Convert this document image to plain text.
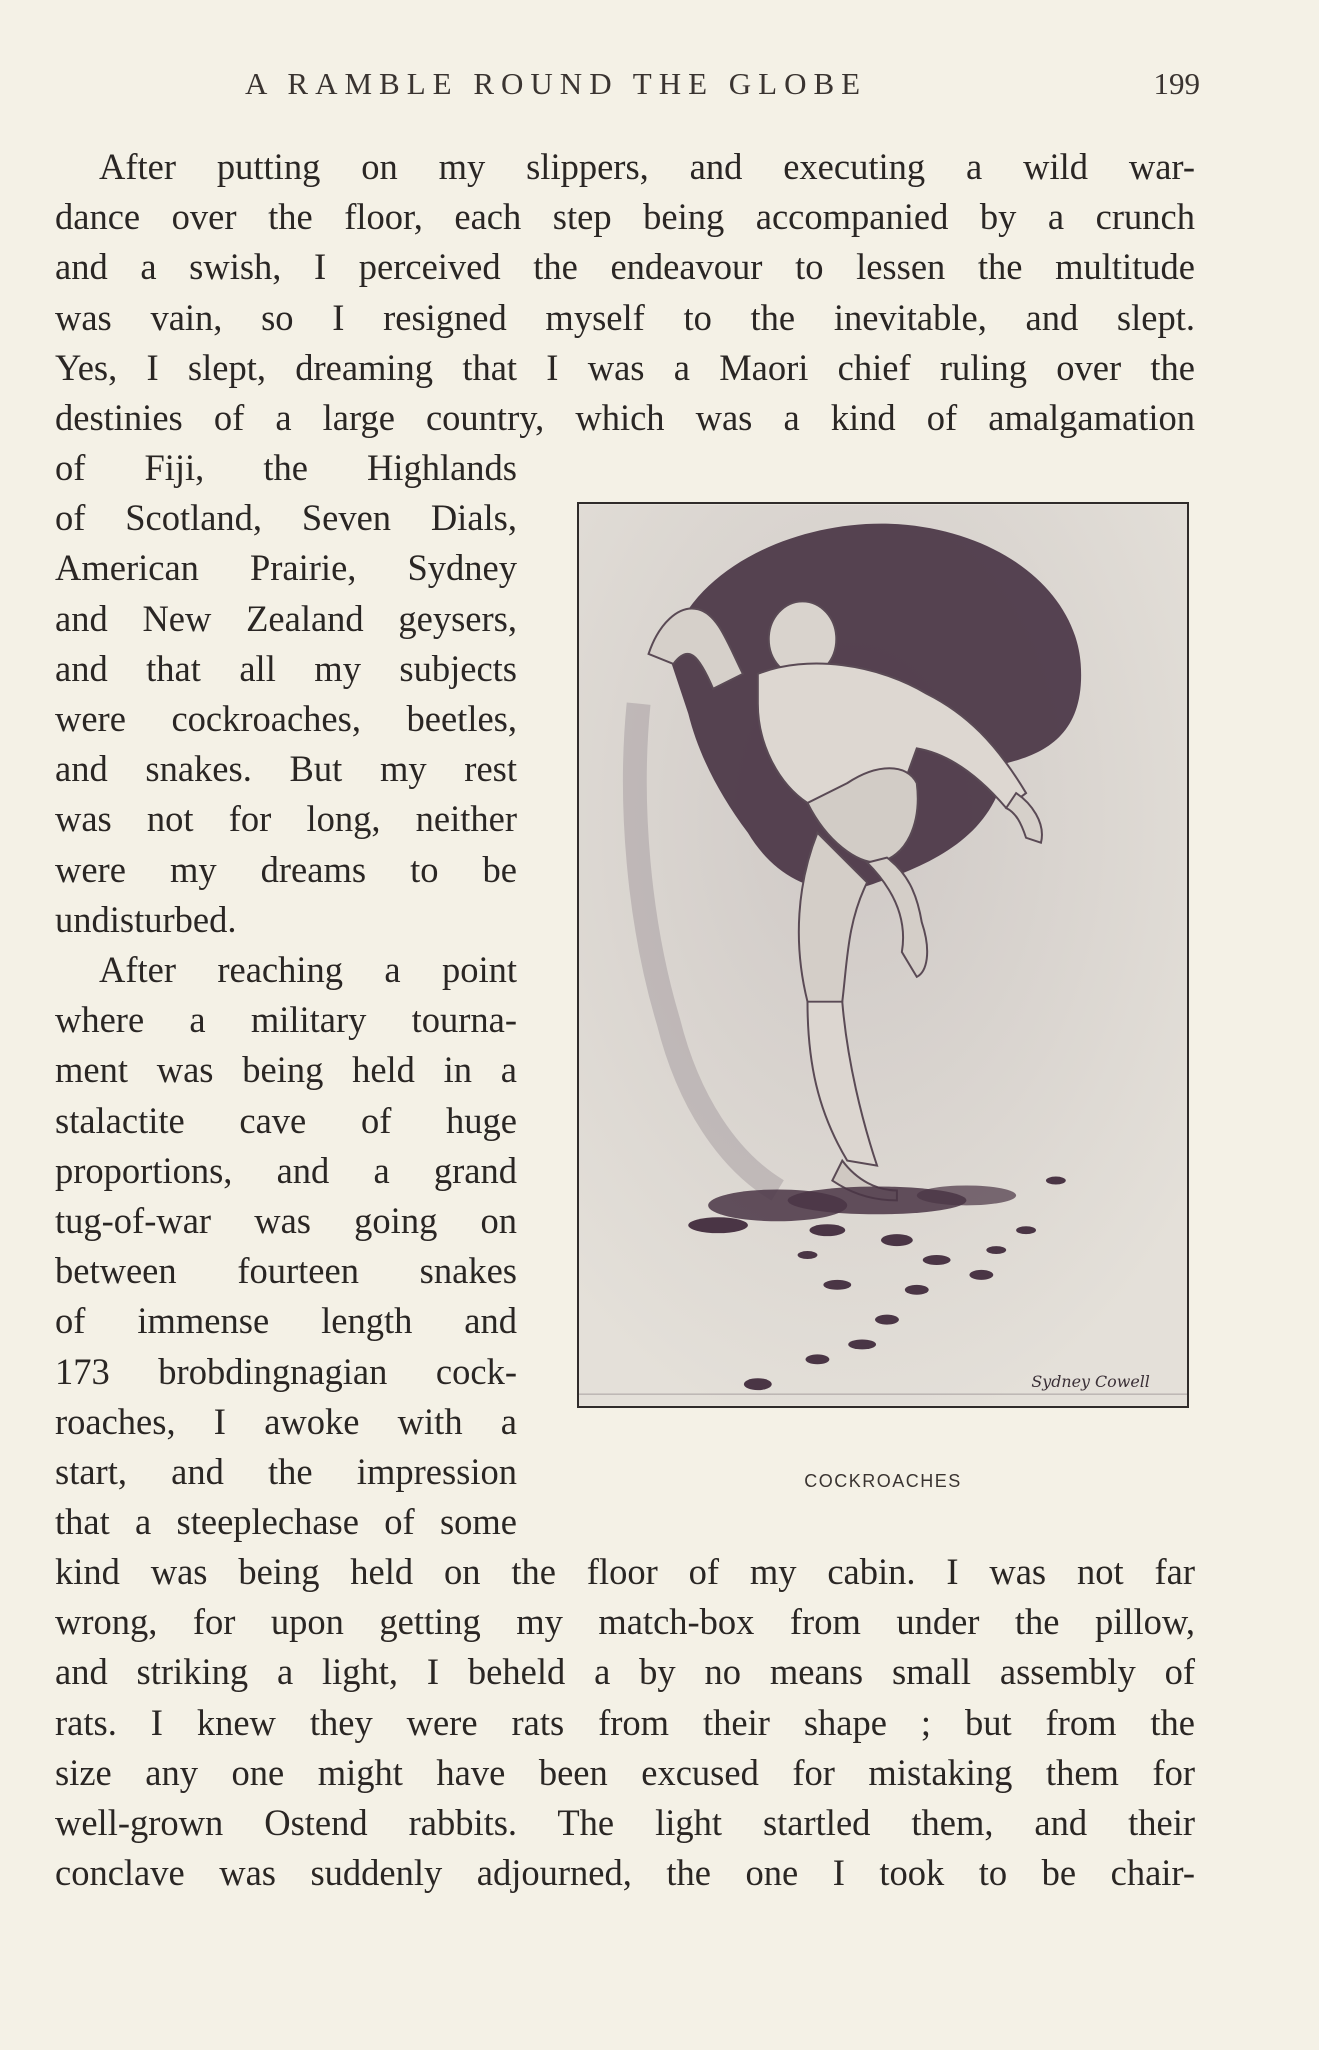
A RAMBLE ROUND THE GLOBE	199
After putting on my slippers, and executing a wild war-
dance over the floor, each step being accompanied by a crunch
and a swish, I perceived the endeavour to lessen the multitude
was vain, so I resigned myself to the inevitable, and slept.
Yes, I slept, dreaming that I was a Maori chief ruling over the
destinies of a large country, which was a kind of amalgamation
of Fiji, the Highlands
of Scotland, Seven Dials,
American Prairie, Sydney
and New Zealand geysers,
and that all my subjects
were cockroaches, beetles,
and snakes. But my rest
was not for long, neither
were my dreams to be
undisturbed.
After reaching a point
where a military tourna-
ment was being held in a
stalactite cave of huge
proportions, and a grand
tug-of-war was going on
between fourteen snakes
of immense length and
173 brobdingnagian cock-
roaches, I awoke with a
start, and the impression
that a steeplechase of some
kind was being held on the floor of my cabin. I was not far
wrong, for upon getting my match-box from under the pillow,
and striking a light, I beheld a by no means small assembly of
rats. I knew they were rats from their shape ; but from the
size any one might have been excused for mistaking them for
well-grown Ostend rabbits. The light startled them, and their
conclave was suddenly adjourned, the one I took to be chair-
Sydney Cowell
COCKROACHES
